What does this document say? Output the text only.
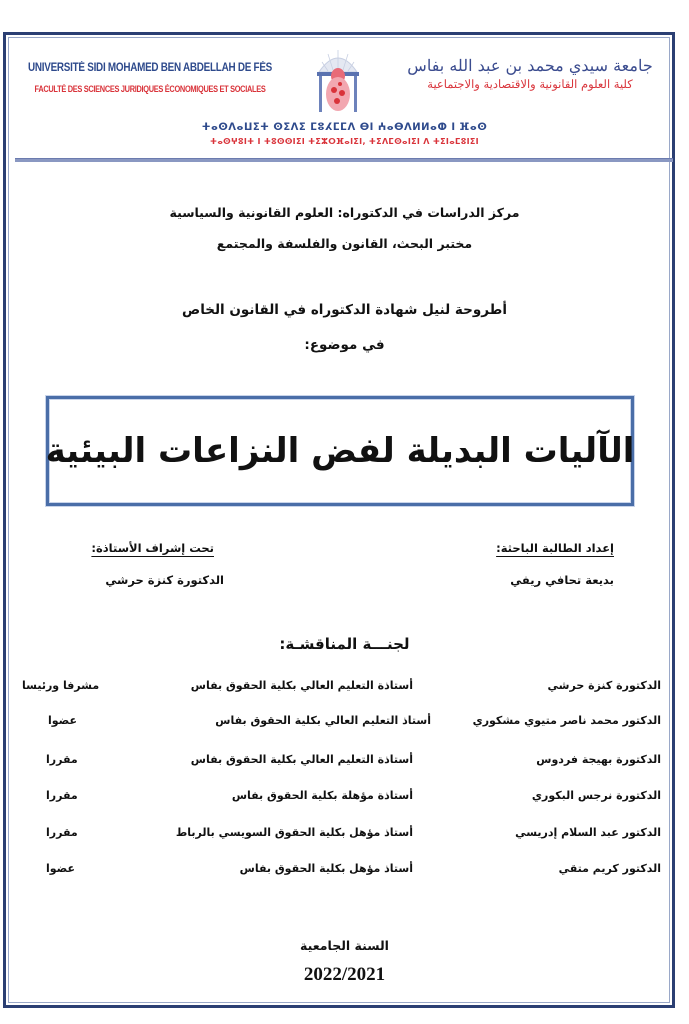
UNIVERSITÉ SIDI MOHAMED BEN ABDELLAH DE FÈS
FACULTÉ DES SCIENCES JURIDIQUES ÉCONOMIQUES ET SOCIALES
جامعة سيدي محمد بن عبد الله بفاس
كلية العلوم القانونية والاقتصادية والاجتماعية
ⵜⴰⵙⴷⴰⵡⵉⵜ ⵙⵉⴷⵉ ⵎⵓⵃⵎⵎⴷ ⴱⵏ ⵄⴰⴱⴷⵍⵍⴰⵀ ⵏ ⴼⴰⵙ
ⵜⴰⵙⵖⵓⵏⵜ ⵏ ⵜⵓⵙⵙⵏⵉⵏ ⵜⵉⵣⵔⴼⴰⵏⵉⵏ, ⵜⵉⴷⵎⵙⴰⵏⵉⵏ ⴷ ⵜⵉⵏⴰⵎⵓⵏⵉⵏ
مركز الدراسات في الدكتوراه: العلوم القانونية والسياسية
مختبر البحث، القانون والفلسفة والمجتمع
أطروحة لنيل شهادة الدكتوراه في القانون الخاص
في موضوع:
الآليات البديلة لفض النزاعات البيئية
إعداد الطالبة الباحثة:
بديعة تحافي ريفي
تحت إشراف الأستاذة:
الدكتورة كنزة حرشي
لجنـــة المناقشـة:
الدكتورة كنزة حرشي
أستاذة التعليم العالي بكلية الحقوق بفاس
مشرفا ورئيسا
الدكتور محمد ناصر متيوي مشكوري
أستاذ التعليم العالي بكلية الحقوق بفاس
عضوا
الدكتورة بهيجة فردوس
أستاذة التعليم العالي بكلية الحقوق بفاس
مقررا
الدكتورة نرجس البكوري
أستاذة مؤهلة بكلية الحقوق بفاس
مقررا
الدكتور عبد السلام إدريسي
أستاذ مؤهل بكلية الحقوق السويسي بالرباط
مقررا
الدكتور كريم متقي
أستاذ مؤهل بكلية الحقوق بفاس
عضوا
السنة الجامعية
2022/2021
